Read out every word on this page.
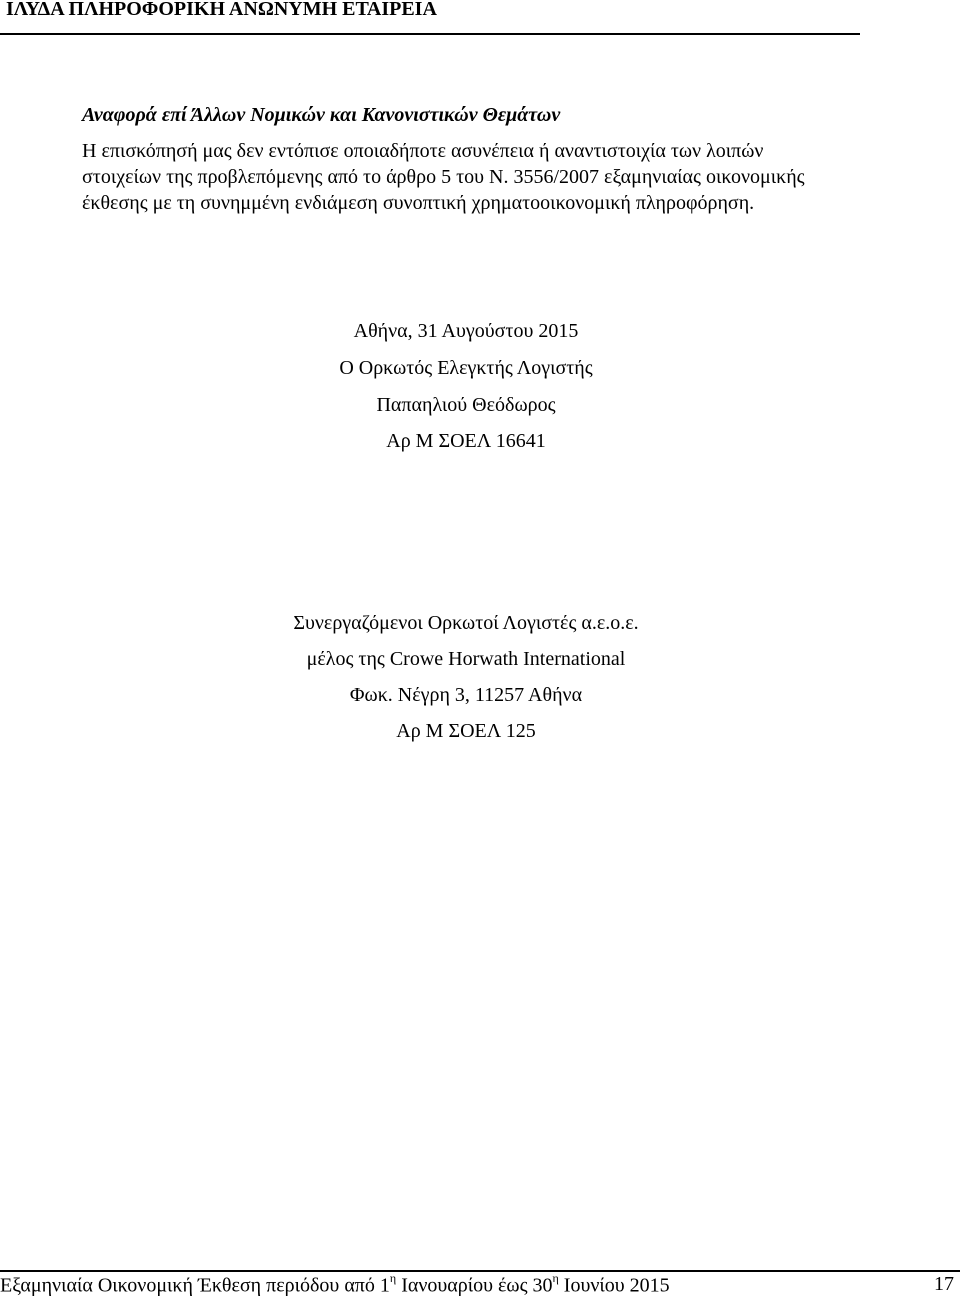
ΙΛΥΔΑ ΠΛΗΡΟΦΟΡΙΚΗ ΑΝΩΝΥΜΗ ΕΤΑΙΡΕΙΑ
Αναφορά επί Άλλων Νομικών και Κανονιστικών Θεμάτων
Η επισκόπησή μας δεν εντόπισε οποιαδήποτε ασυνέπεια ή αναντιστοιχία των λοιπών
στοιχείων της προβλεπόμενης από το άρθρο 5 του Ν. 3556/2007 εξαμηνιαίας οικονομικής
έκθεσης με τη συνημμένη ενδιάμεση συνοπτική χρηματοοικονομική πληροφόρηση.
Αθήνα, 31 Αυγούστου 2015
Ο Ορκωτός Ελεγκτής Λογιστής
Παπαηλιού Θεόδωρος
Αρ Μ ΣΟΕΛ 16641
Συνεργαζόμενοι Ορκωτοί Λογιστές α.ε.ο.ε.
μέλος της Crowe Horwath International
Φωκ. Νέγρη 3, 11257 Αθήνα
Αρ Μ ΣΟΕΛ 125
Εξαμηνιαία Οικονομική Έκθεση περιόδου από $1^\eta$ Ιανουαρίου έως $30^\eta$ Ιουνίου 2015	17
